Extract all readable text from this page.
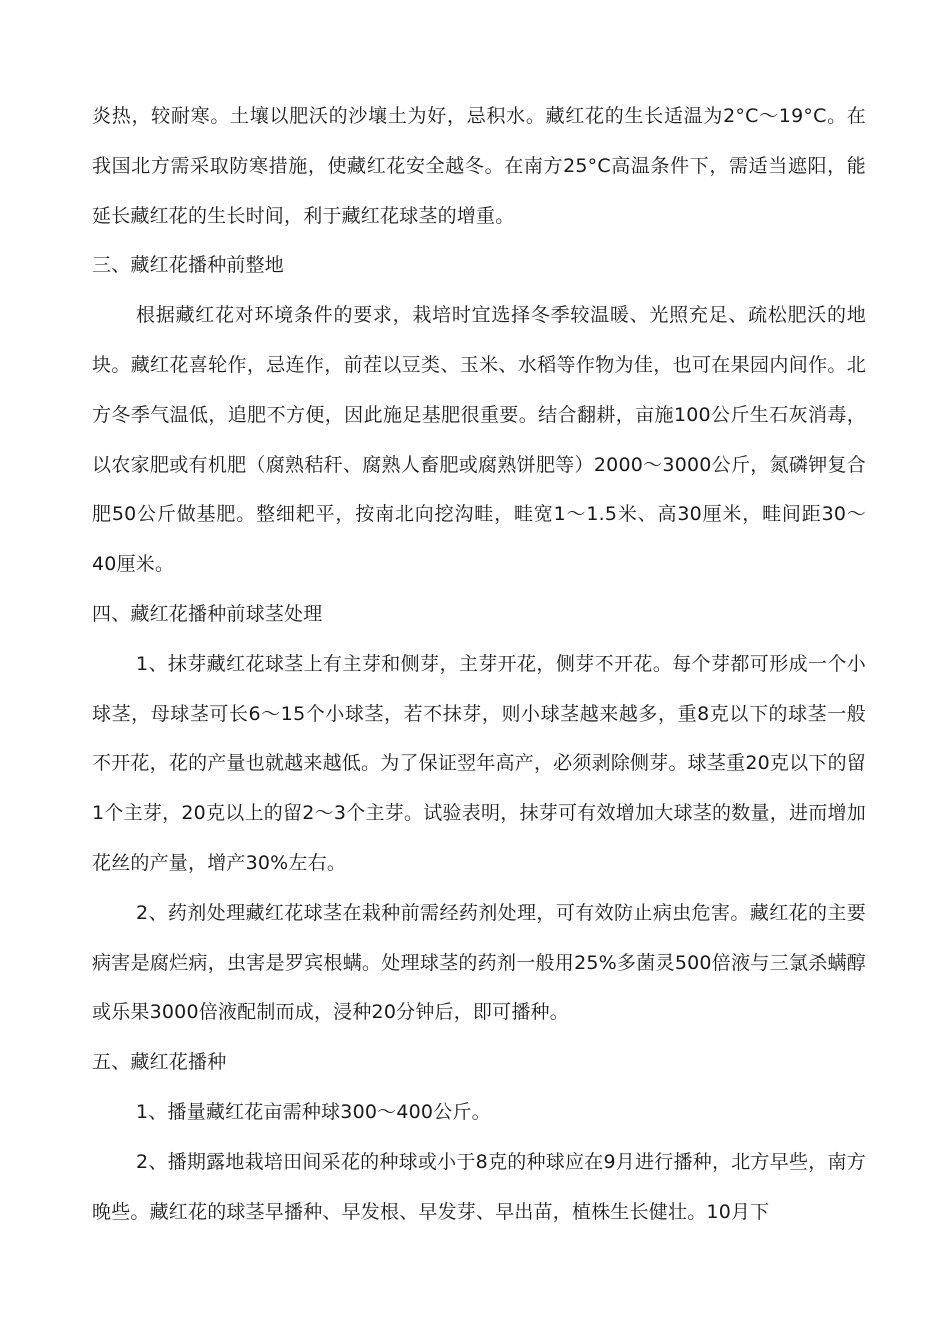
炎热，较耐寒。土壤以肥沃的沙壤土为好，忌积水。藏红花的生长适温为2°C～19°C。在我国北方需采取防寒措施，使藏红花安全越冬。在南方25°C高温条件下，需适当遮阳，能延长藏红花的生长时间，利于藏红花球茎的增重。

三、藏红花播种前整地

根据藏红花对环境条件的要求，栽培时宜选择冬季较温暖、光照充足、疏松肥沃的地块。藏红花喜轮作，忌连作，前茬以豆类、玉米、水稻等作物为佳，也可在果园内间作。北方冬季气温低，追肥不方便，因此施足基肥很重要。结合翻耕，亩施100公斤生石灰消毒，以农家肥或有机肥（腐熟秸秆、腐熟人畜肥或腐熟饼肥等）2000～3000公斤，氮磷钾复合肥50公斤做基肥。整细耙平，按南北向挖沟畦，畦宽1～1.5米、高30厘米，畦间距30～40厘米。

四、藏红花播种前球茎处理

1、抹芽藏红花球茎上有主芽和侧芽，主芽开花，侧芽不开花。每个芽都可形成一个小球茎，母球茎可长6～15个小球茎，若不抹芽，则小球茎越来越多，重8克以下的球茎一般不开花，花的产量也就越来越低。为了保证翌年高产，必须剥除侧芽。球茎重20克以下的留1个主芽，20克以上的留2～3个主芽。试验表明，抹芽可有效增加大球茎的数量，进而增加花丝的产量，增产30%左右。

2、药剂处理藏红花球茎在栽种前需经药剂处理，可有效防止病虫危害。藏红花的主要病害是腐烂病，虫害是罗宾根螨。处理球茎的药剂一般用25%多菌灵500倍液与三氯杀螨醇或乐果3000倍液配制而成，浸种20分钟后，即可播种。

五、藏红花播种

1、播量藏红花亩需种球300～400公斤。

2、播期露地栽培田间采花的种球或小于8克的种球应在9月进行播种，北方早些，南方晚些。藏红花的球茎早播种、早发根、早发芽、早出苗，植株生长健壮。10月下
